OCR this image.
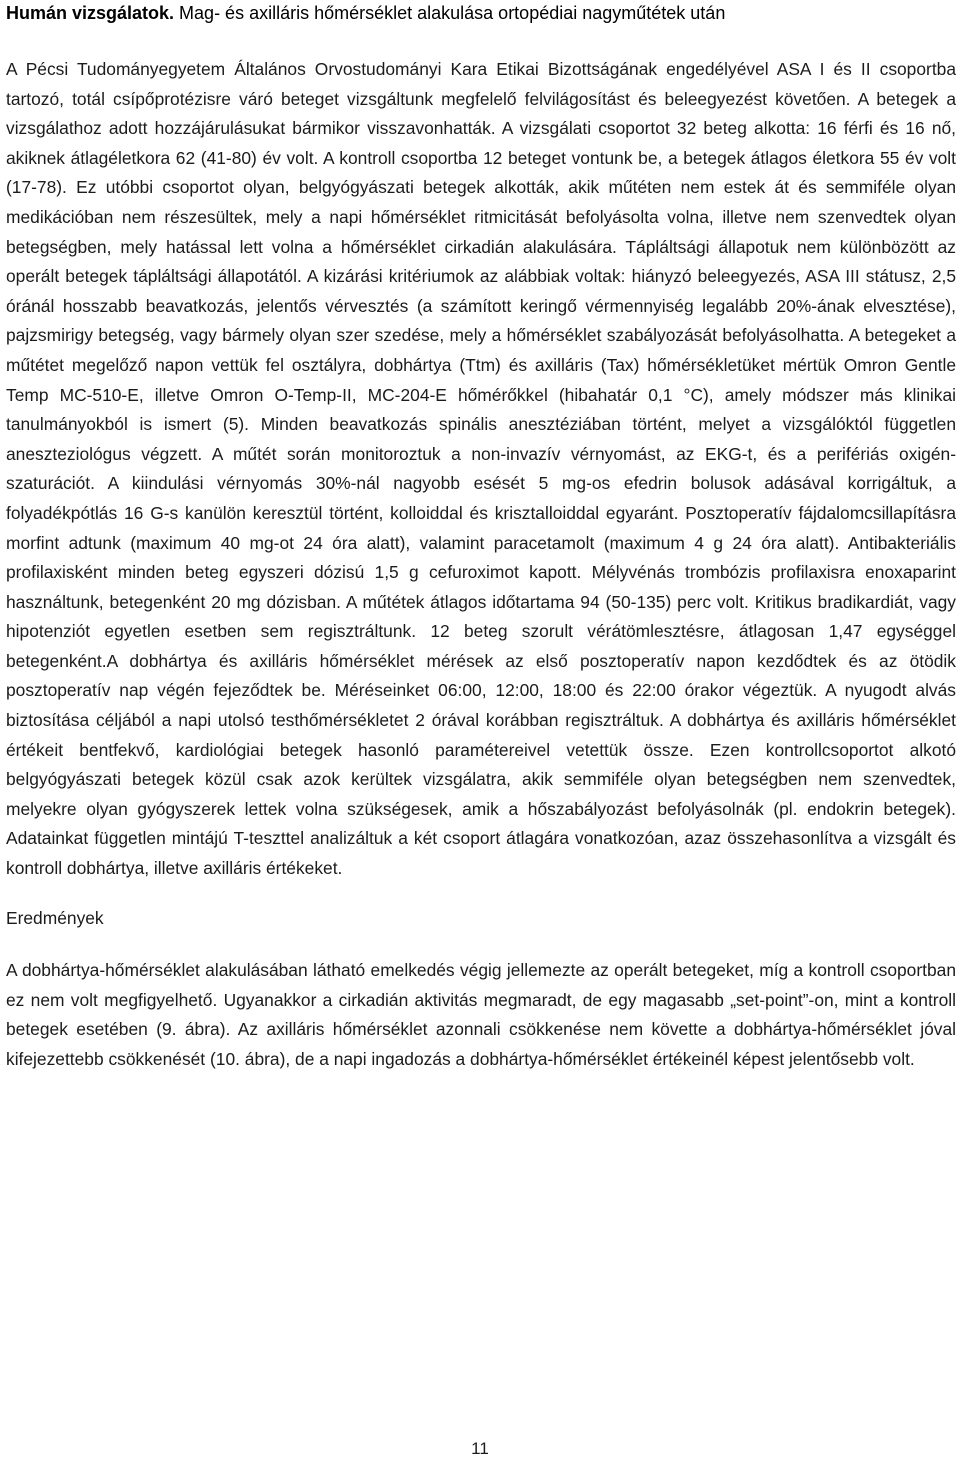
Humán vizsgálatok. Mag- és axilláris hőmérséklet alakulása ortopédiai nagyműtétek után

A Pécsi Tudományegyetem Általános Orvostudományi Kara Etikai Bizottságának engedélyével ASA I és II csoportba tartozó, totál csípőprotézisre váró beteget vizsgáltunk megfelelő felvilágosítást és beleegyezést követően. A betegek a vizsgálathoz adott hozzájárulásukat bármikor visszavonhatták. A vizsgálati csoportot 32 beteg alkotta: 16 férfi és 16 nő, akiknek átlagéletkora 62 (41-80) év volt. A kontroll csoportba 12 beteget vontunk be, a betegek átlagos életkora 55 év volt (17-78). Ez utóbbi csoportot olyan, belgyógyászati betegek alkották, akik műtéten nem estek át és semmiféle olyan medikációban nem részesültek, mely a napi hőmérséklet ritmicitását befolyásolta volna, illetve nem szenvedtek olyan betegségben, mely hatással lett volna a hőmérséklet cirkadián alakulására. Tápláltsági állapotuk nem különbözött az operált betegek tápláltsági állapotától. A kizárási kritériumok az alábbiak voltak: hiányzó beleegyezés, ASA III státusz, 2,5 óránál hosszabb beavatkozás, jelentős vérvesztés (a számított keringő vérmennyiség legalább 20%-ának elvesztése), pajzsmirigy betegség, vagy bármely olyan szer szedése, mely a hőmérséklet szabályozását befolyásolhatta. A betegeket a műtétet megelőző napon vettük fel osztályra, dobhártya (Ttm) és axilláris (Tax) hőmérsékletüket mértük Omron Gentle Temp MC-510-E, illetve Omron O-Temp-II, MC-204-E hőmérőkkel (hibahatár 0,1 °C), amely módszer más klinikai tanulmányokból is ismert (5). Minden beavatkozás spinális anesztéziában történt, melyet a vizsgálóktól független aneszteziológus végzett. A műtét során monitoroztuk a non-invazív vérnyomást, az EKG-t, és a perifériás oxigén-szaturációt. A kiindulási vérnyomás 30%-nál nagyobb esését 5 mg-os efedrin bolusok adásával korrigáltuk, a folyadékpótlás 16 G-s kanülön keresztül történt, kolloiddal és krisztalloiddal egyaránt. Posztoperatív fájdalomcsillapításra morfint adtunk (maximum 40 mg-ot 24 óra alatt), valamint paracetamolt (maximum 4 g 24 óra alatt). Antibakteriális profilaxisként minden beteg egyszeri dózisú 1,5 g cefuroximot kapott. Mélyvénás trombózis profilaxisra enoxaparint használtunk, betegenként 20 mg dózisban. A műtétek átlagos időtartama 94 (50-135) perc volt. Kritikus bradikardiát, vagy hipotenziót egyetlen esetben sem regisztráltunk. 12 beteg szorult vérátömlesztésre, átlagosan 1,47 egységgel betegenként.A dobhártya és axilláris hőmérséklet mérések az első posztoperatív napon kezdődtek és az ötödik posztoperatív nap végén fejeződtek be. Méréseinket 06:00, 12:00, 18:00 és 22:00 órakor végeztük. A nyugodt alvás biztosítása céljából a napi utolsó testhőmérsékletet 2 órával korábban regisztráltuk. A dobhártya és axilláris hőmérséklet értékeit bentfekvő, kardiológiai betegek hasonló paramétereivel vetettük össze. Ezen kontrollcsoportot alkotó belgyógyászati betegek közül csak azok kerültek vizsgálatra, akik semmiféle olyan betegségben nem szenvedtek, melyekre olyan gyógyszerek lettek volna szükségesek, amik a hőszabályozást befolyásolnák (pl. endokrin betegek). Adatainkat független mintájú T-teszttel analizáltuk a két csoport átlagára vonatkozóan, azaz összehasonlítva a vizsgált és kontroll dobhártya, illetve axilláris értékeket.

Eredmények

A dobhártya-hőmérséklet alakulásában látható emelkedés végig jellemezte az operált betegeket, míg a kontroll csoportban ez nem volt megfigyelhető. Ugyanakkor a cirkadián aktivitás megmaradt, de egy magasabb „set-point”-on, mint a kontroll betegek esetében (9. ábra). Az axilláris hőmérséklet azonnali csökkenése nem követte a dobhártya-hőmérséklet jóval kifejezettebb csökkenését (10. ábra), de a napi ingadozás a dobhártya-hőmérséklet értékeinél képest jelentősebb volt.

11
